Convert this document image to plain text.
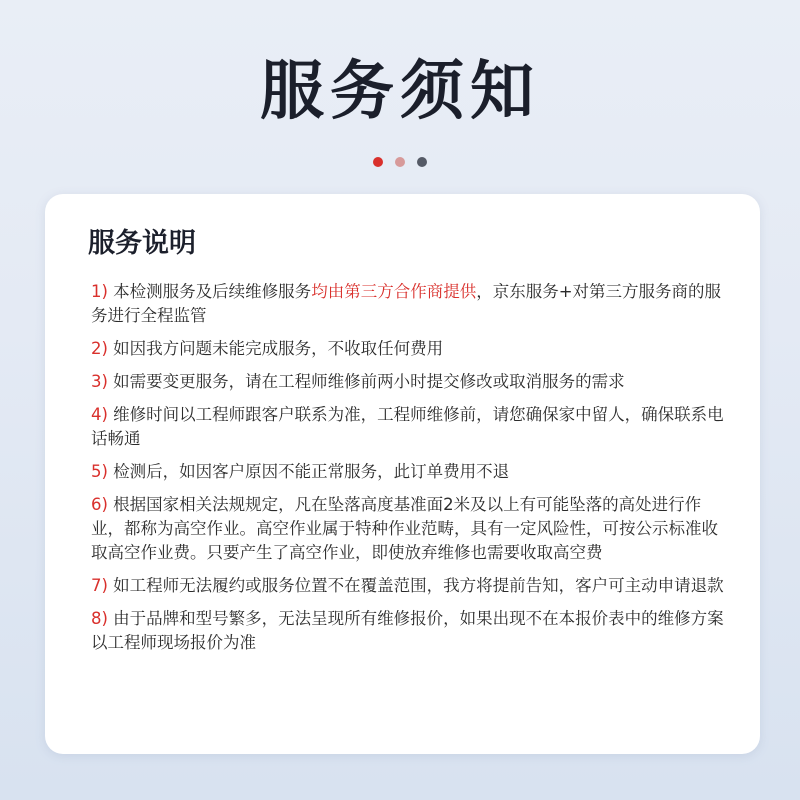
服务须知
服务说明
1) 本检测服务及后续维修服务均由第三方合作商提供，京东服务+对第三方服务商的服务进行全程监管
2) 如因我方问题未能完成服务，不收取任何费用
3) 如需要变更服务，请在工程师维修前两小时提交修改或取消服务的需求
4) 维修时间以工程师跟客户联系为准，工程师维修前，请您确保家中留人，确保联系电话畅通
5) 检测后，如因客户原因不能正常服务，此订单费用不退
6) 根据国家相关法规规定，凡在坠落高度基准面2米及以上有可能坠落的高处进行作业，都称为高空作业。高空作业属于特种作业范畴，具有一定风险性，可按公示标准收取高空作业费。只要产生了高空作业，即使放弃维修也需要收取高空费
7) 如工程师无法履约或服务位置不在覆盖范围，我方将提前告知，客户可主动申请退款
8) 由于品牌和型号繁多，无法呈现所有维修报价，如果出现不在本报价表中的维修方案以工程师现场报价为准
